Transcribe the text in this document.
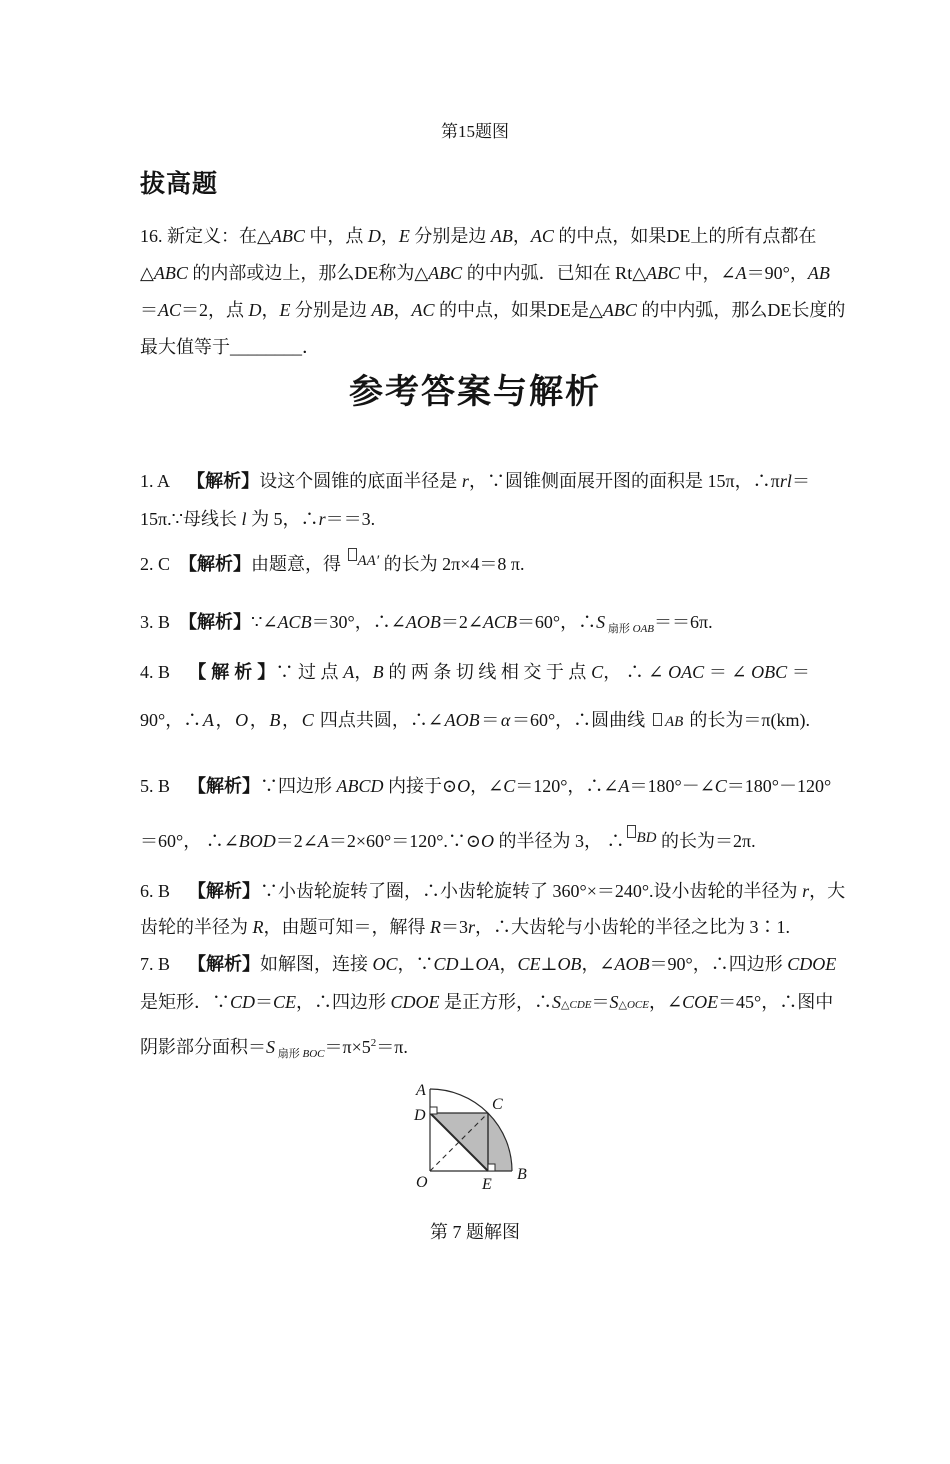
第15题图
拔高题
16. 新定义：在△ ABC 中，点 D ， E 分别是边 AB ， AC 的中点，如果DE上的所有点都在
△ ABC 的内部或边上，那么DE称为△ ABC 的中内弧．已知在 Rt△ ABC 中，∠ A ＝90°， AB
＝ AC ＝2，点 D ， E 分别是边 AB ， AC 的中点，如果DE是△ ABC 的中内弧，那么DE长度的
最大值等于________．
参考答案与解析
1. A　 【解析】 设这个圆锥的底面半径是 r ，∵圆锥侧面展开图的面积是 15π，∴π rl ＝
15π.∵母线长 l 为 5，∴r＝＝3.
2. C　【解析】由题意，得 $^{AA'}$ 的长为 2π×4＝8 π.
3. B　【解析】∵∠ACB＝30°，∴∠AOB＝2∠ACB＝60°，∴S $_{扇形}$ $_{OAB}$＝＝6π.
4. B　 【 解 析 】 ∵ 过 点 A ， B 的 两 条 切 线 相 交 于 点 C ， ∴ ∠ OAC ＝ ∠ OBC ＝
90°，∴ A ， O ， B ， C 四点共圆，∴∠ AOB ＝ α ＝60°，∴圆曲线 AB 的长为＝π(km).
5. B　 【解析】 ∵四边形 ABCD 内接于⊙ O ，∠ C ＝120°，∴∠ A ＝180°－∠ C ＝180°－120°
＝60°， ∴∠BOD＝2∠A＝2×60°＝120°.∵⊙O 的半径为 3， ∴ $^{BD}$ 的长为＝2π.
6. B　 【解析】 ∵小齿轮旋转了圈，∴小齿轮旋转了 360°×＝240°.设小齿轮的半径为 r ，大
齿轮的半径为 R，由题可知＝，解得 R＝3r，∴大齿轮与小齿轮的半径之比为 3∶1.
7. B　 【解析】 如解图，连接 OC ，∵ CD ⊥ OA ， CE ⊥ OB ，∠ AOB ＝90°，∴四边形 CDOE
是矩形．∵ CD ＝ CE ，∴四边形 CDOE 是正方形，∴ S △ CDE ＝ S △ OCE ，∠ COE ＝45°，∴图中
阴影部分面积＝S $_{扇形}$ $_{BOC}=\pi\times 5^2=\pi$.
A
D
C
O	E
B
第 7 题解图
